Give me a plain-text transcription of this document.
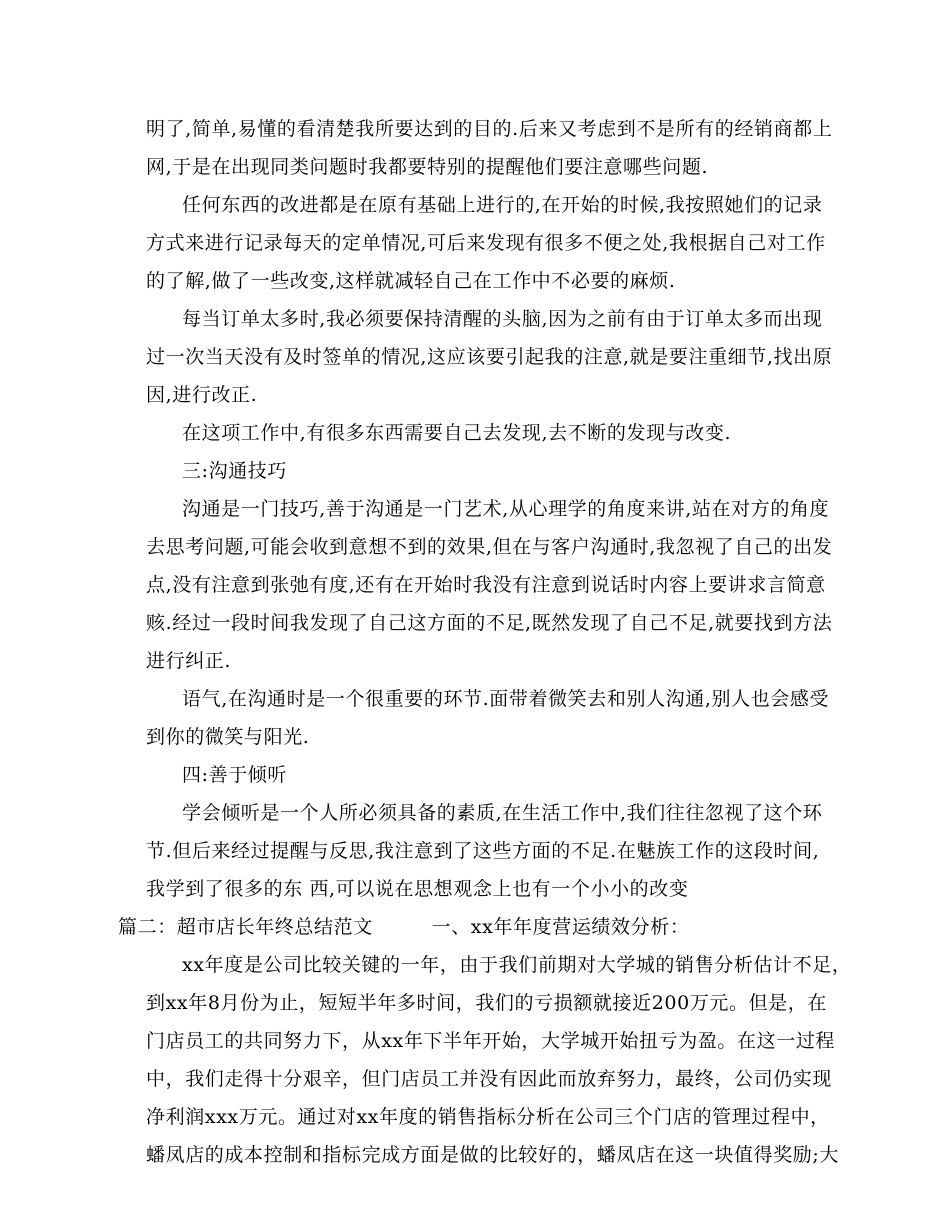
明了,简单,易懂的看清楚我所要达到的目的.后来又考虑到不是所有的经销商都上
网,于是在出现同类问题时我都要特别的提醒他们要注意哪些问题.
任何东西的改进都是在原有基础上进行的,在开始的时候,我按照她们的记录
方式来进行记录每天的定单情况,可后来发现有很多不便之处,我根据自己对工作
的了解,做了一些改变,这样就减轻自己在工作中不必要的麻烦.
每当订单太多时,我必须要保持清醒的头脑,因为之前有由于订单太多而出现
过一次当天没有及时签单的情况,这应该要引起我的注意,就是要注重细节,找出原
因,进行改正.
在这项工作中,有很多东西需要自己去发现,去不断的发现与改变.
三:沟通技巧
沟通是一门技巧,善于沟通是一门艺术,从心理学的角度来讲,站在对方的角度
去思考问题,可能会收到意想不到的效果,但在与客户沟通时,我忽视了自己的出发
点,没有注意到张弛有度,还有在开始时我没有注意到说话时内容上要讲求言简意
赅.经过一段时间我发现了自己这方面的不足,既然发现了自己不足,就要找到方法
进行纠正.
语气,在沟通时是一个很重要的环节.面带着微笑去和别人沟通,别人也会感受
到你的微笑与阳光.
四:善于倾听
学会倾听是一个人所必须具备的素质,在生活工作中,我们往往忽视了这个环
节.但后来经过提醒与反思,我注意到了这些方面的不足.在魅族工作的这段时间,
我学到了很多的东 西,可以说在思想观念上也有一个小小的改变
篇二：超市店长年终总结范文　　　一、xx年年度营运绩效分析：
xx年度是公司比较关键的一年，由于我们前期对大学城的销售分析估计不足，
到xx年8月份为止，短短半年多时间，我们的亏损额就接近200万元。但是，在
门店员工的共同努力下，从xx年下半年开始，大学城开始扭亏为盈。在这一过程
中，我们走得十分艰辛，但门店员工并没有因此而放弃努力，最终，公司仍实现
净利润xxx万元。通过对xx年度的销售指标分析在公司三个门店的管理过程中，
蟠凤店的成本控制和指标完成方面是做的比较好的，蟠凤店在这一块值得奖励;大
